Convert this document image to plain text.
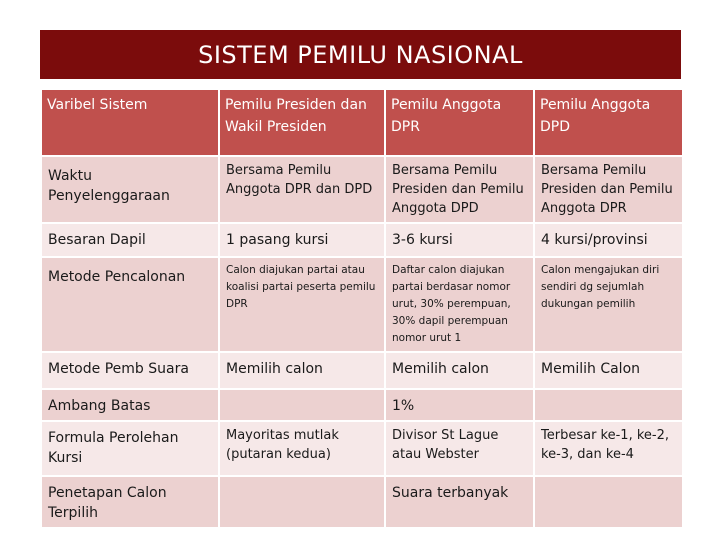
SISTEM PEMILU NASIONAL
Varibel Sistem	Pemilu Presiden dan Wakil Presiden	Pemilu Anggota DPR	Pemilu Anggota DPD
Waktu Penyelenggaraan	Bersama Pemilu Anggota DPR dan DPD	Bersama Pemilu Presiden dan Pemilu Anggota DPD	Bersama Pemilu Presiden dan Pemilu Anggota DPR
Besaran Dapil	1 pasang kursi	3-6 kursi	4 kursi/provinsi
Metode Pencalonan	Calon diajukan partai atau koalisi partai peserta pemilu DPR	Daftar calon diajukan partai berdasar nomor urut, 30% perempuan, 30% dapil perempuan nomor urut 1	Calon mengajukan diri sendiri dg sejumlah dukungan pemilih
Metode Pemb Suara	Memilih calon	Memilih calon	Memilih Calon
Ambang Batas		1%	
Formula Perolehan Kursi	Mayoritas mutlak (putaran kedua)	Divisor St Lague atau Webster	Terbesar ke-1, ke-2, ke-3, dan ke-4
Penetapan Calon Terpilih		Suara terbanyak	
